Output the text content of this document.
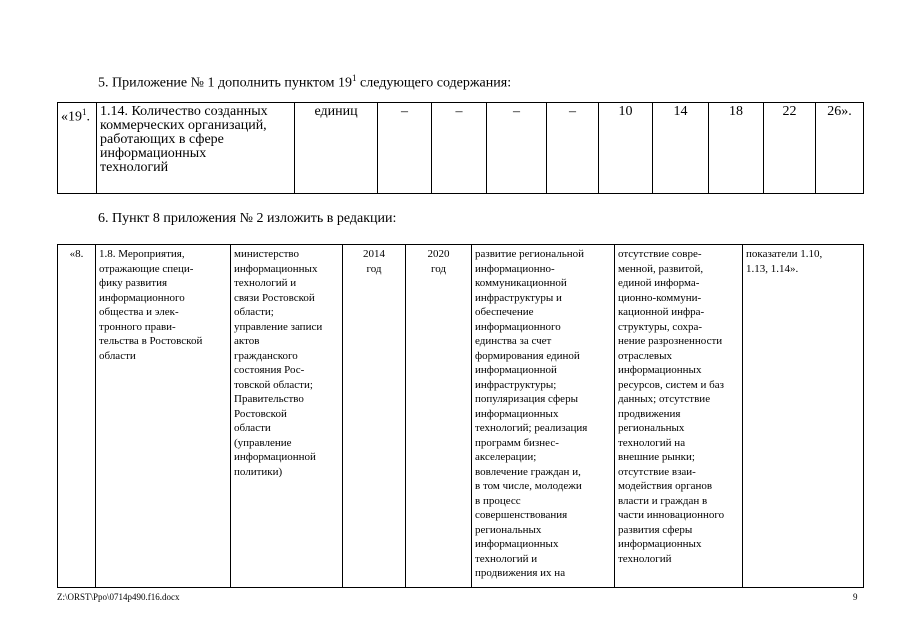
5. Приложение № 1 дополнить пунктом $19^1$ следующего содержания:
«$19^1$.	1.14. Количество созданных
коммерческих организаций,
работающих в сфере
информационных
технологий	единиц	–	–	–	–	10	14	18	22	26».
6. Пункт 8 приложения № 2 изложить в редакции:
«8.	1.8. Мероприятия,
отражающие специ-
фику развития
информационного
общества и элек-
тронного прави-
тельства в Ростовской
области	министерство
информационных
технологий и
связи Ростовской
области;
управление записи
актов
гражданского
состояния Рос-
товской области;
Правительство
Ростовской
области
(управление
информационной
политики)	2014
год	2020
год	развитие региональной
информационно-
коммуникационной
инфраструктуры и
обеспечение
информационного
единства за счет
формирования единой
информационной
инфраструктуры;
популяризация сферы
информационных
технологий; реализация
программ бизнес-
акселерации;
вовлечение граждан и,
в том числе, молодежи
в процесс
совершенствования
региональных
информационных
технологий и
продвижения их на	отсутствие совре-
менной, развитой,
единой информа-
ционно-коммуни-
кационной инфра-
структуры, сохра-
нение разрозненности
отраслевых
информационных
ресурсов, систем и баз
данных; отсутствие
продвижения
региональных
технологий на
внешние рынки;
отсутствие взаи-
модействия органов
власти и граждан в
части инновационного
развития сферы
информационных
технологий	показатели 1.10,
1.13, 1.14».
Z:\ORST\Ppo\0714p490.f16.docx	9
